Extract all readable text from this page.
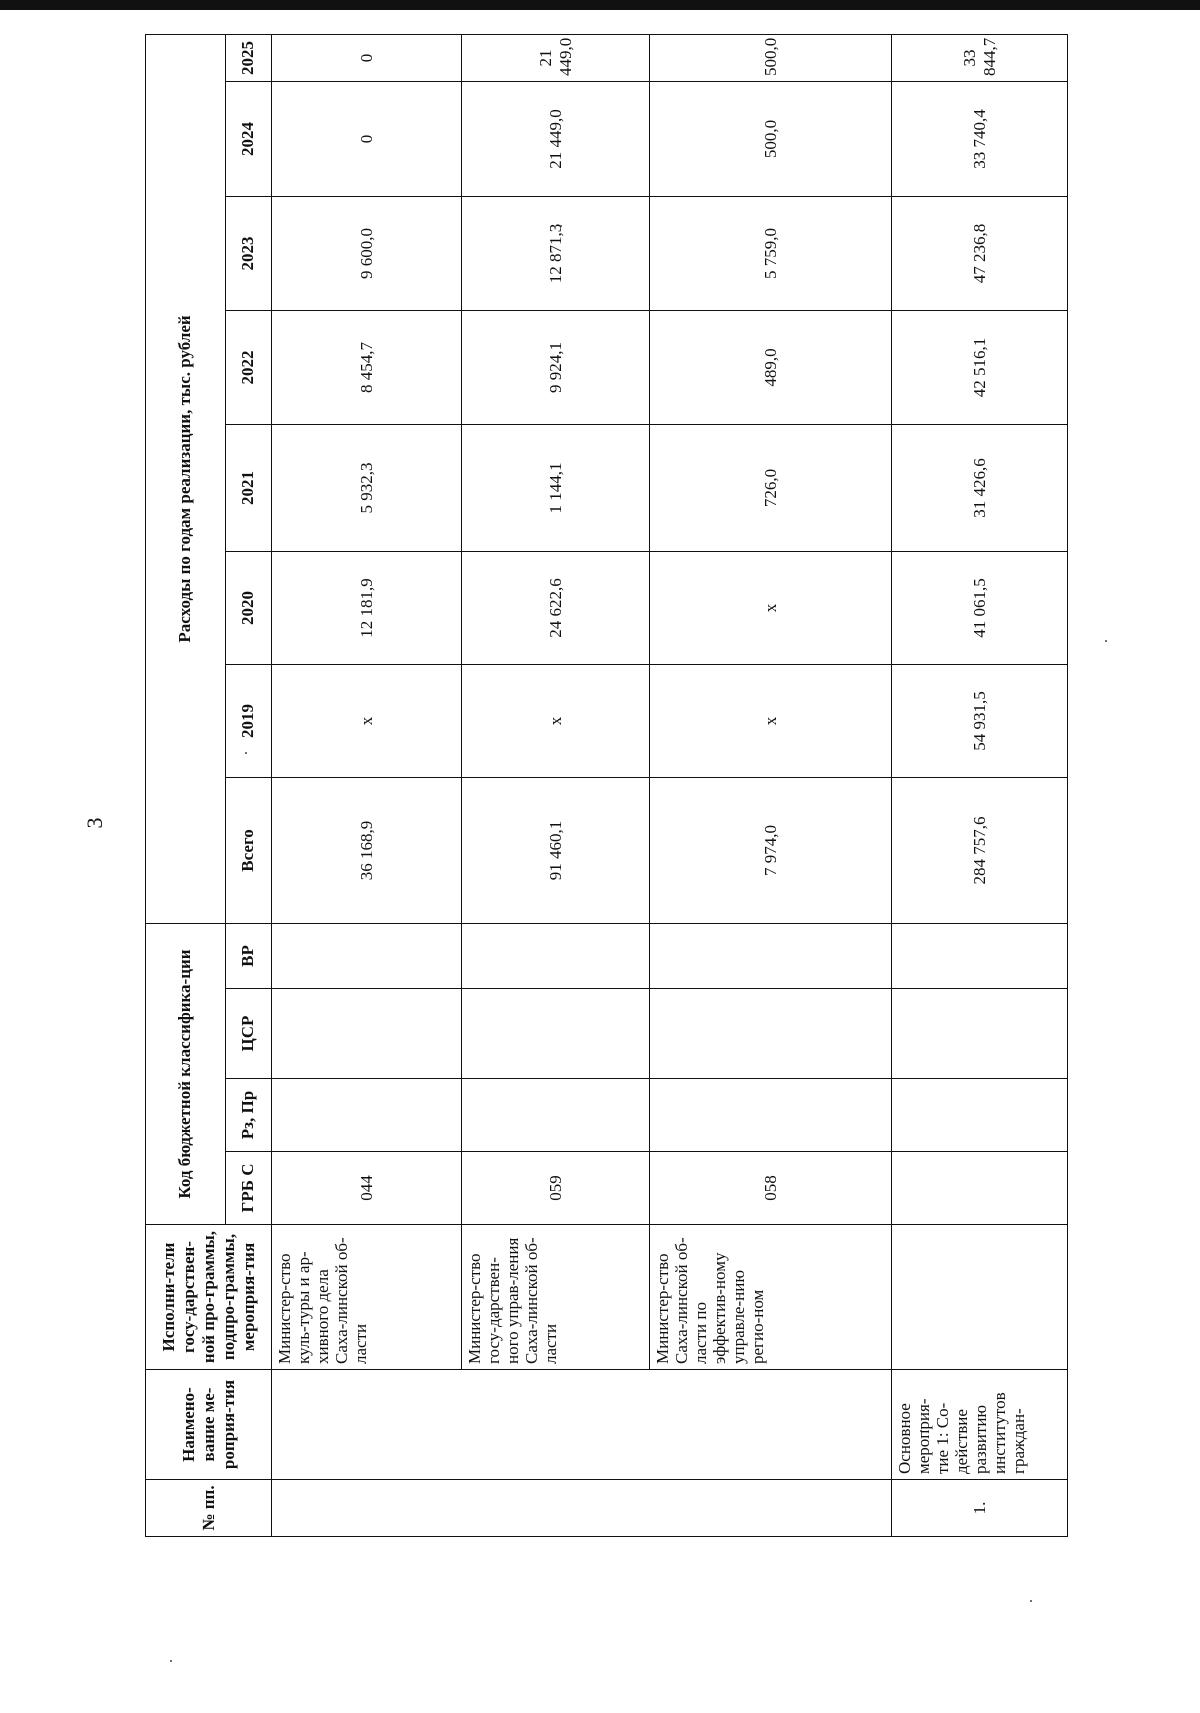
3
№ пп.	Наимено-вание ме-роприя-тия	Исполни-тели госу-дарствен-ной про-граммы, подпро-граммы, мероприя-тия	Код бюджетной классифика-ции				Расходы по годам реализации, тыс. рублей							
			ГРБ С	Рз, Пр	ЦСР	ВР	Всего	2019	2020	2021	2022	2023	2024	2025
		Министер-ство куль-туры и ар-хивного дела Саха-линской об-ласти	044				36 168,9	x	12 181,9	5 932,3	8 454,7	9 600,0	0	0
		Министер-ство госу-дарствен-ного управ-ления Саха-линской об-ласти	059				91 460,1	x	24 622,6	1 144,1	9 924,1	12 871,3	21 449,0	21 449,0
		Министер-ство Саха-линской об-ласти по эффектив-ному управле-нию регио-ном	058				7 974,0	x	x	726,0	489,0	5 759,0	500,0	500,0
1.	Основное мероприя-тие 1: Со-действие развитию институтов граждан-						284 757,6	54 931,5	41 061,5	31 426,6	42 516,1	47 236,8	33 740,4	33 844,7
